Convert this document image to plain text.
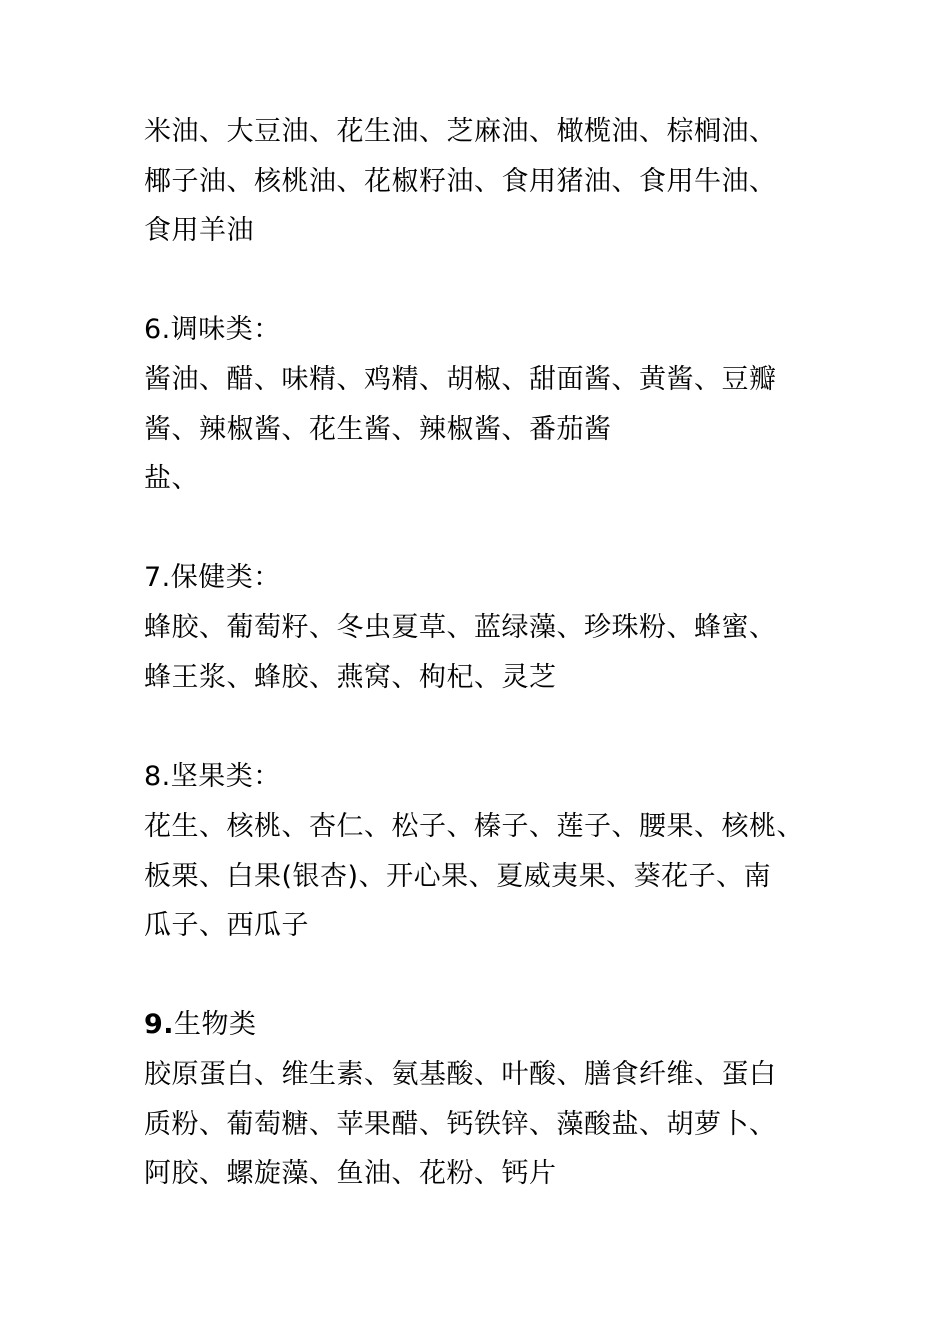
米油、大豆油、花生油、芝麻油、橄榄油、棕榈油、
椰子油、核桃油、花椒籽油、食用猪油、食用牛油、
食用羊油
6.调味类：
酱油、醋、味精、鸡精、胡椒、甜面酱、黄酱、豆瓣
酱、辣椒酱、花生酱、辣椒酱、番茄酱
盐、
7.保健类：
蜂胶、葡萄籽、冬虫夏草、蓝绿藻、珍珠粉、蜂蜜、
蜂王浆、蜂胶、燕窝、枸杞、灵芝
8.坚果类：
花生、核桃、杏仁、松子、榛子、莲子、腰果、核桃、
板栗、白果(银杏)、开心果、夏威夷果、葵花子、南
瓜子、西瓜子
9.生物类
胶原蛋白、维生素、氨基酸、叶酸、膳食纤维、蛋白
质粉、葡萄糖、苹果醋、钙铁锌、藻酸盐、胡萝卜、
阿胶、螺旋藻、鱼油、花粉、钙片
